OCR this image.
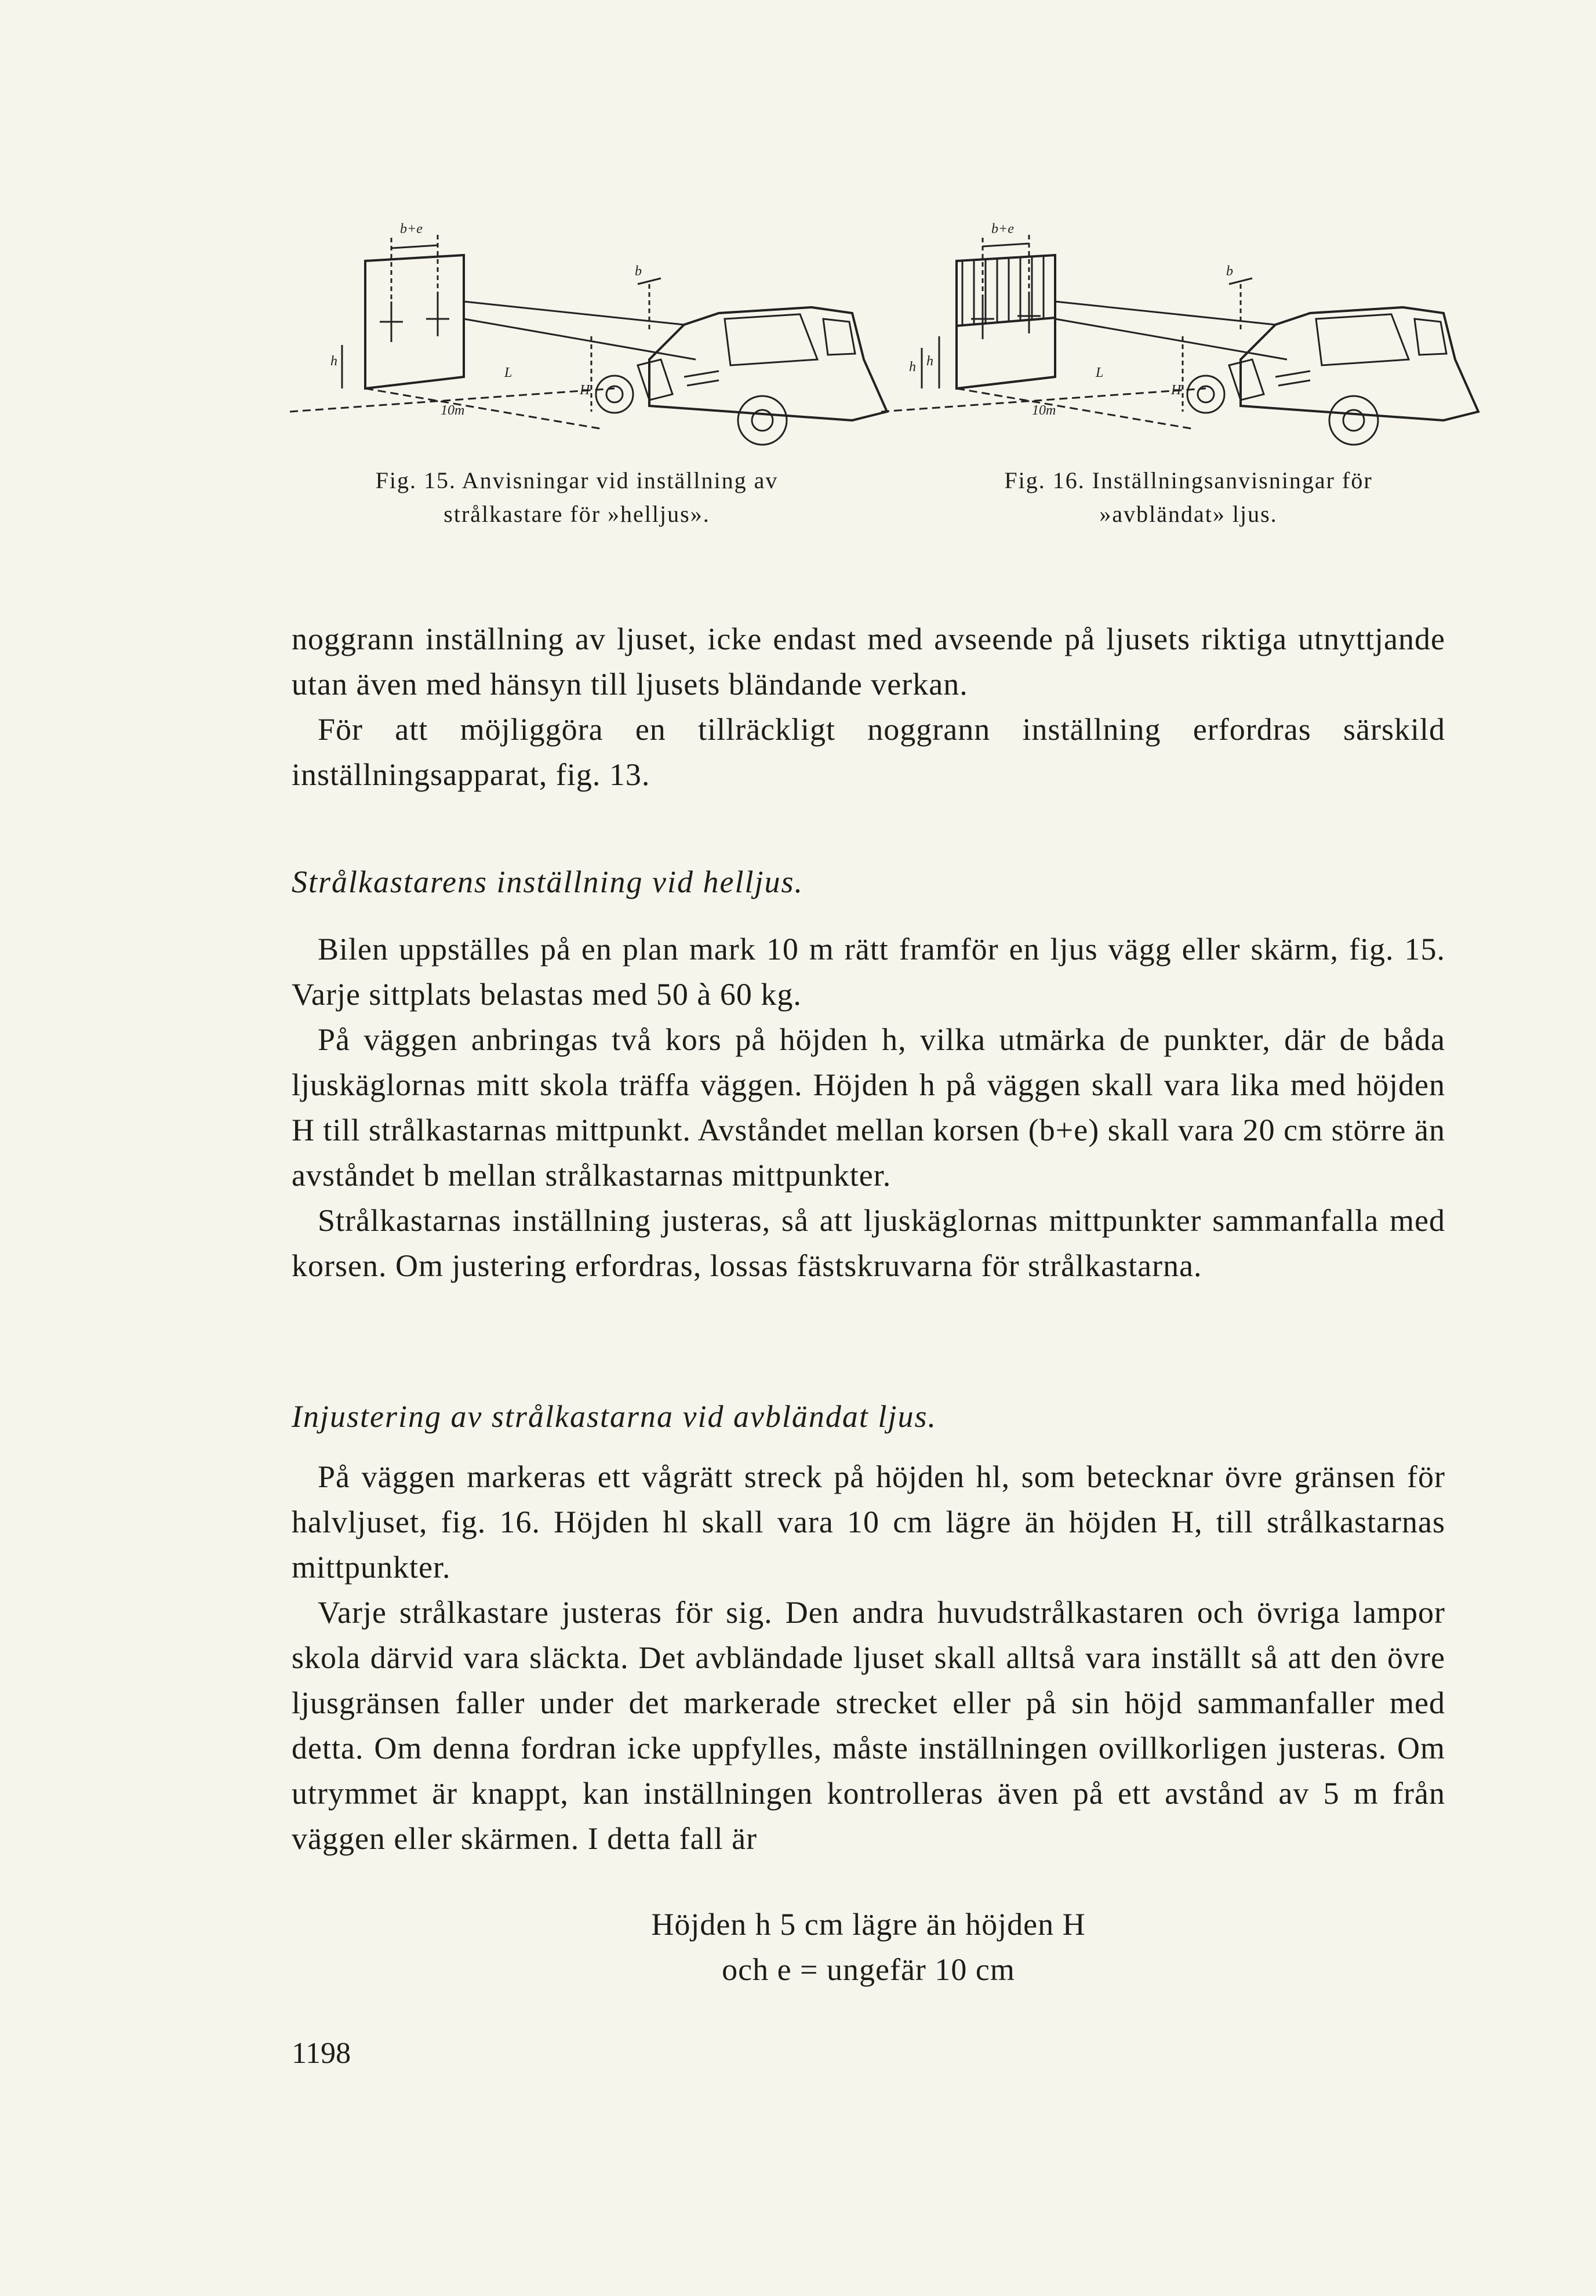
b+e
b
h
H
L
10m
b+e
b
h h
H
L
10m
Fig. 15. Anvisningar vid inställning av
strålkastare för »helljus».
Fig. 16. Inställningsanvisningar för
»avbländat» ljus.

noggrann inställning av ljuset, icke endast med avseende på ljusets riktiga utnyttjande utan även med hänsyn till ljusets bländande verkan.

För att möjliggöra en tillräckligt noggrann inställning erfordras särskild inställningsapparat, fig. 13.

Strålkastarens inställning vid helljus.

Bilen uppställes på en plan mark 10 m rätt framför en ljus vägg eller skärm, fig. 15. Varje sittplats belastas med 50 à 60 kg.

På väggen anbringas två kors på höjden h, vilka utmärka de punkter, där de båda ljuskäglornas mitt skola träffa väggen. Höjden h på väggen skall vara lika med höjden H till strålkastarnas mittpunkt. Avståndet mellan korsen (b+e) skall vara 20 cm större än avståndet b mellan strålkastarnas mittpunkter.

Strålkastarnas inställning justeras, så att ljuskäglornas mittpunkter sammanfalla med korsen. Om justering erfordras, lossas fästskruvarna för strålkastarna.

Injustering av strålkastarna vid avbländat ljus.

På väggen markeras ett vågrätt streck på höjden hl, som betecknar övre gränsen för halvljuset, fig. 16. Höjden hl skall vara 10 cm lägre än höjden H, till strålkastarnas mittpunkter.

Varje strålkastare justeras för sig. Den andra huvudstrålkastaren och övriga lampor skola därvid vara släckta. Det avbländade ljuset skall alltså vara inställt så att den övre ljusgränsen faller under det markerade strecket eller på sin höjd sammanfaller med detta. Om denna fordran icke uppfylles, måste inställningen ovillkorligen justeras. Om utrymmet är knappt, kan inställningen kontrolleras även på ett avstånd av 5 m från väggen eller skärmen. I detta fall är

Höjden h 5 cm lägre än höjden H
och e = ungefär 10 cm
1198
